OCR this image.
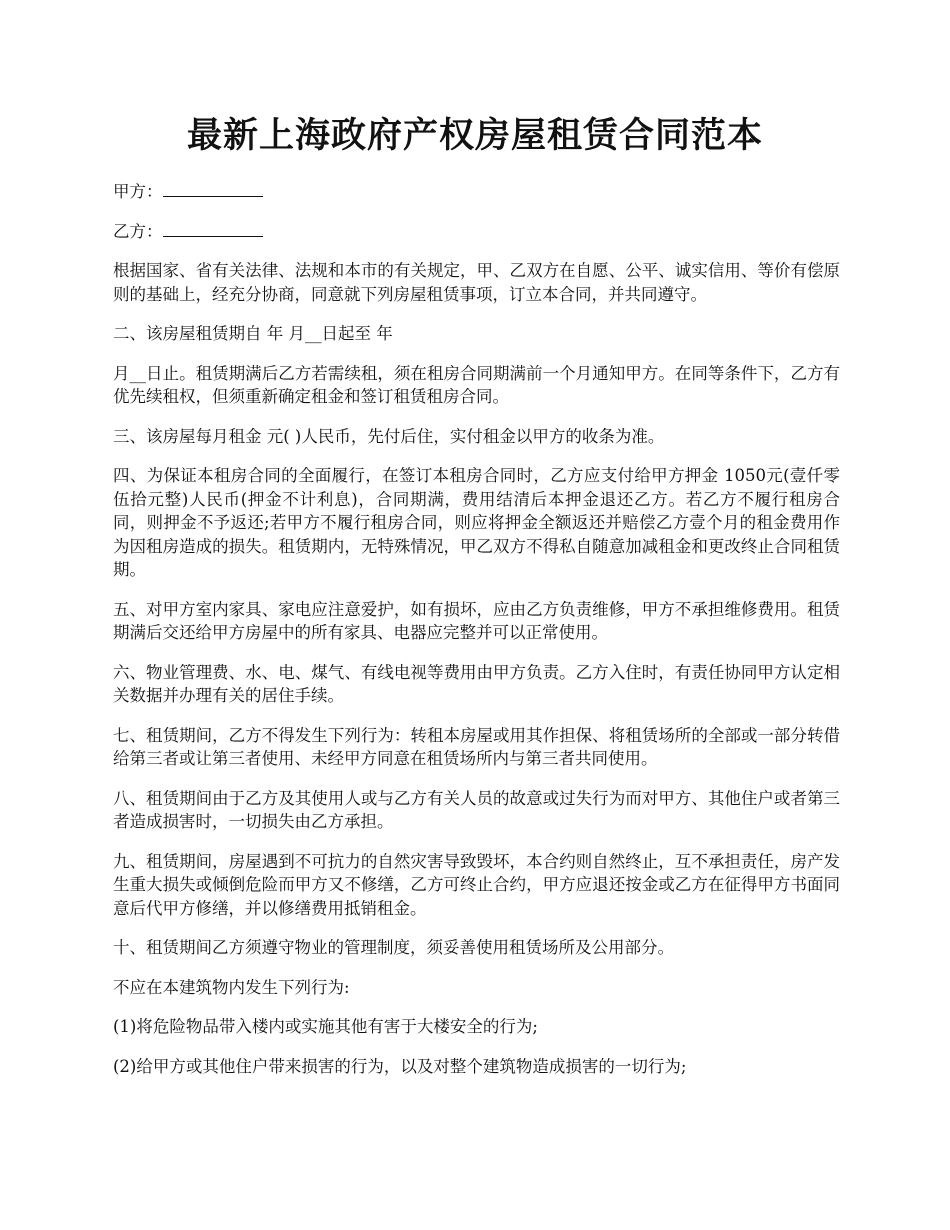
最新上海政府产权房屋租赁合同范本

甲方：

乙方：

根据国家、省有关法律、法规和本市的有关规定，甲、乙双方在自愿、公平、诚实信用、等价有偿原则的基础上，经充分协商，同意就下列房屋租赁事项，订立本合同，并共同遵守。

二、该房屋租赁期自 年 月__日起至 年

月__日止。租赁期满后乙方若需续租，须在租房合同期满前一个月通知甲方。在同等条件下，乙方有优先续租权，但须重新确定租金和签订租赁租房合同。

三、该房屋每月租金 元( )人民币，先付后住，实付租金以甲方的收条为准。

四、为保证本租房合同的全面履行，在签订本租房合同时，乙方应支付给甲方押金 1050元(壹仟零伍拾元整)人民币(押金不计利息)，合同期满，费用结清后本押金退还乙方。若乙方不履行租房合同，则押金不予返还;若甲方不履行租房合同，则应将押金全额返还并赔偿乙方壹个月的租金费用作为因租房造成的损失。租赁期内，无特殊情况，甲乙双方不得私自随意加减租金和更改终止合同租赁期。

五、对甲方室内家具、家电应注意爱护，如有损坏，应由乙方负责维修，甲方不承担维修费用。租赁期满后交还给甲方房屋中的所有家具、电器应完整并可以正常使用。

六、物业管理费、水、电、煤气、有线电视等费用由甲方负责。乙方入住时，有责任协同甲方认定相关数据并办理有关的居住手续。

七、租赁期间，乙方不得发生下列行为：转租本房屋或用其作担保、将租赁场所的全部或一部分转借给第三者或让第三者使用、未经甲方同意在租赁场所内与第三者共同使用。

八、租赁期间由于乙方及其使用人或与乙方有关人员的故意或过失行为而对甲方、其他住户或者第三者造成损害时，一切损失由乙方承担。

九、租赁期间，房屋遇到不可抗力的自然灾害导致毁坏，本合约则自然终止，互不承担责任，房产发生重大损失或倾倒危险而甲方又不修缮，乙方可终止合约，甲方应退还按金或乙方在征得甲方书面同意后代甲方修缮，并以修缮费用抵销租金。

十、租赁期间乙方须遵守物业的管理制度，须妥善使用租赁场所及公用部分。

不应在本建筑物内发生下列行为:

(1)将危险物品带入楼内或实施其他有害于大楼安全的行为;

(2)给甲方或其他住户带来损害的行为，以及对整个建筑物造成损害的一切行为;
